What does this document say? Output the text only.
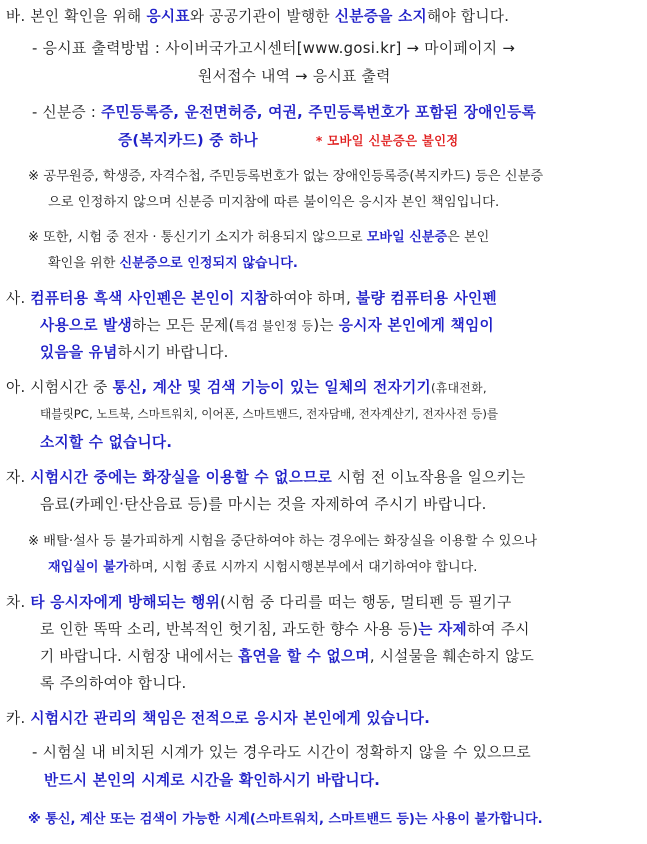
바. 본인 확인을 위해 응시표와 공공기관이 발행한 신분증을 소지해야 합니다.
- 응시표 출력방법 : 사이버국가고시센터[www.gosi.kr] → 마이페이지 →
원서접수 내역 → 응시표 출력
- 신분증 : 주민등록증, 운전면허증, 여권, 주민등록번호가 포함된 장애인등록
증(복지카드) 중 하나	* 모바일 신분증은 불인정
※ 공무원증, 학생증, 자격수첩, 주민등록번호가 없는 장애인등록증(복지카드) 등은 신분증
으로 인정하지 않으며 신분증 미지참에 따른 불이익은 응시자 본인 책임입니다.
※ 또한, 시험 중 전자 · 통신기기 소지가 허용되지 않으므로 모바일 신분증은 본인
확인을 위한 신분증으로 인정되지 않습니다.
사. 컴퓨터용 흑색 사인펜은 본인이 지참하여야 하며, 불량 컴퓨터용 사인펜
사용으로 발생하는 모든 문제(특검 불인정 등)는 응시자 본인에게 책임이
있음을 유념하시기 바랍니다.
아. 시험시간 중 통신, 계산 및 검색 기능이 있는 일체의 전자기기(휴대전화,
태블릿PC, 노트북, 스마트워치, 이어폰, 스마트밴드, 전자담배, 전자계산기, 전자사전 등)를
소지할 수 없습니다.
자. 시험시간 중에는 화장실을 이용할 수 없으므로 시험 전 이뇨작용을 일으키는
음료(카페인·탄산음료 등)를 마시는 것을 자제하여 주시기 바랍니다.
※ 배탈·설사 등 불가피하게 시험을 중단하여야 하는 경우에는 화장실을 이용할 수 있으나
재입실이 불가하며, 시험 종료 시까지 시험시행본부에서 대기하여야 합니다.
차. 타 응시자에게 방해되는 행위(시험 중 다리를 떠는 행동, 멀티펜 등 필기구
로 인한 똑딱 소리, 반복적인 헛기침, 과도한 향수 사용 등)는 자제하여 주시
기 바랍니다. 시험장 내에서는 흡연을 할 수 없으며, 시설물을 훼손하지 않도
록 주의하여야 합니다.
카. 시험시간 관리의 책임은 전적으로 응시자 본인에게 있습니다.
- 시험실 내 비치된 시계가 있는 경우라도 시간이 정확하지 않을 수 있으므로
반드시 본인의 시계로 시간을 확인하시기 바랍니다.
※ 통신, 계산 또는 검색이 가능한 시계(스마트워치, 스마트밴드 등)는 사용이 불가합니다.
